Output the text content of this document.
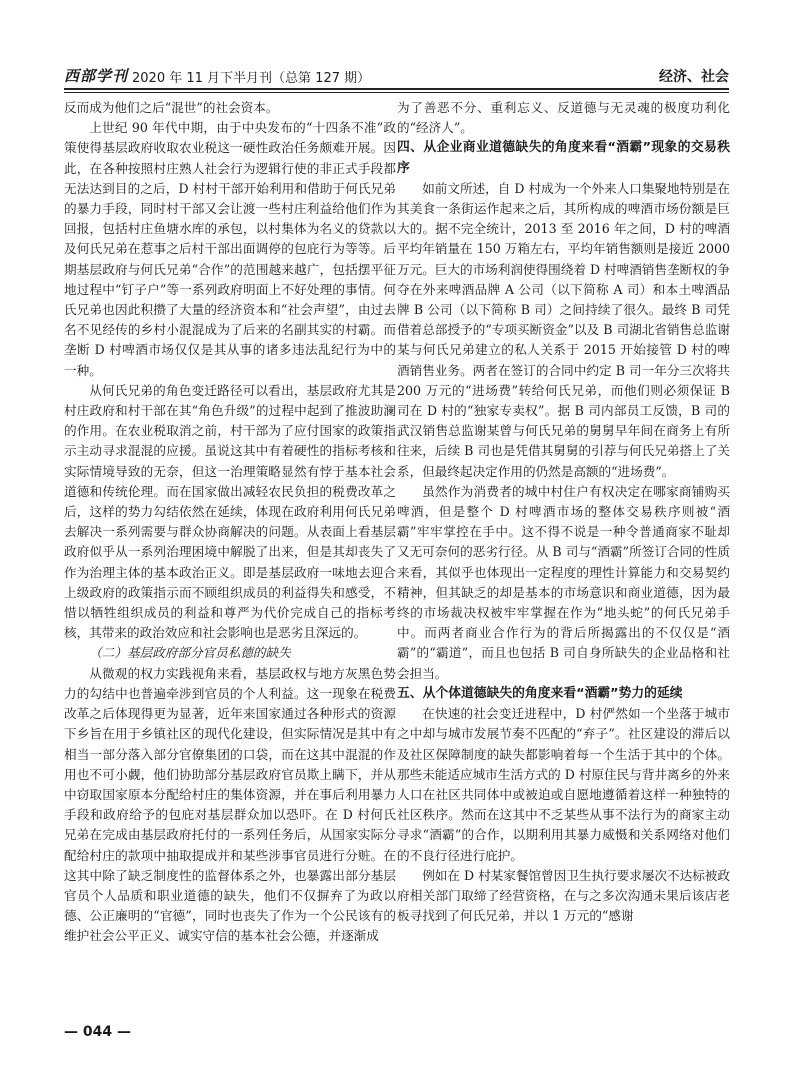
西部学刊 2020 年 11 月下半月刊（总第 127 期）	经济、社会

反而成为他们之后“混世”的社会资本。

上世纪 90 年代中期，由于中央发布的“十四条不准”政策使得基层政府收取农业税这一硬性政治任务颇难开展。因此，在各种按照村庄熟人社会行为逻辑行使的非正式手段都无法达到目的之后，D 村村干部开始利用和借助于何氏兄弟的暴力手段，同时村干部又会让渡一些村庄利益给他们作为回报，包括村庄鱼塘水库的承包，以村集体为名义的贷款以及何氏兄弟在惹事之后村干部出面调停的包庇行为等等。后期基层政府与何氏兄弟“合作”的范围越来越广，包括摆平征地过程中“钉子户”等一系列政府明面上不好处理的事情。何氏兄弟也因此积攒了大量的经济资本和“社会声望”，由过去名不见经传的乡村小混混成为了后来的名副其实的村霸。而垄断 D 村啤酒市场仅仅是其从事的诸多违法乱纪行为中的一种。

从何氏兄弟的角色变迁路径可以看出，基层政府尤其是村庄政府和村干部在其“角色升级”的过程中起到了推波助澜的作用。在农业税取消之前，村干部为了应付国家的政策指示主动寻求混混的应援。虽说这其中有着硬性的指标考核和实际情境导致的无奈，但这一治理策略显然有悖于基本社会道德和传统伦理。而在国家做出减轻农民负担的税费改革之后，这样的势力勾结依然在延续，体现在政府利用何氏兄弟去解决一系列需要与群众协商解决的问题。从表面上看基层政府似乎从一系列治理困境中解脱了出来，但是其却丧失了作为治理主体的基本政治正义。即是基层政府一味地去迎合上级政府的政策指示而不顾组织成员的利益得失和感受，不惜以牺牲组织成员的利益和尊严为代价完成自己的指标考核，其带来的政治效应和社会影响也是恶劣且深远的。

（二）基层政府部分官员私德的缺失

从微观的权力实践视角来看，基层政权与地方灰黑色势力的勾结中也普遍牵涉到官员的个人利益。这一现象在税费改革之后体现得更为显著，近年来国家通过各种形式的资源下乡旨在用于乡镇社区的现代化建设，但实际情况是其中有相当一部分落入部分官僚集团的口袋，而在这其中混混的作用也不可小觑，他们协助部分基层政府官员欺上瞒下，并从中窃取国家原本分配给村庄的集体资源，并在事后利用暴力手段和政府给予的包庇对基层群众加以恐吓。在 D 村何氏兄弟在完成由基层政府托付的一系列任务后，从国家实际分配给村庄的款项中抽取提成并和某些涉事官员进行分赃。在这其中除了缺乏制度性的监督体系之外，也暴露出部分基层官员个人品质和职业道德的缺失，他们不仅摒弃了为政以德、公正廉明的“官德”，同时也丧失了作为一个公民该有的维护社会公平正义、诚实守信的基本社会公德，并逐渐成

为了善恶不分、重利忘义、反道德与无灵魂的极度功利化的“经济人”。

四、从企业商业道德缺失的角度来看“酒霸”现象的交易秩序

如前文所述，自 D 村成为一个外来人口集聚地特别是在其美食一条街运作起来之后，其所构成的啤酒市场份额是巨大的。据不完全统计，2013 至 2016 年之间，D 村的啤酒平均年销量在 150 万箱左右，平均年销售额则是接近 2000 万元。巨大的市场利润使得围绕着 D 村啤酒销售垄断权的争夺在外来啤酒品牌 A 公司（以下简称 A 司）和本土啤酒品牌 B 公司（以下简称 B 司）之间持续了很久。最终 B 司凭借着总部授予的“专项买断资金”以及 B 司湖北省销售总监谢某与何氏兄弟建立的私人关系于 2015 开始接管 D 村的啤酒销售业务。两者在签订的合同中约定 B 司一年分三次将共 200 万元的“进场费”转给何氏兄弟，而他们则必须保证 B 司在 D 村的“独家专卖权”。据 B 司内部员工反馈，B 司的武汉销售总监谢某曾与何氏兄弟的舅舅早年间在商务上有所往来，后续 B 司也是凭借其舅舅的引荐与何氏兄弟搭上了关系，但最终起决定作用的仍然是高额的“进场费”。

虽然作为消费者的城中村住户有权决定在哪家商铺购买啤酒，但是整个 D 村啤酒市场的整体交易秩序则被“酒霸”牢牢掌控在手中。这不得不说是一种令普通商家不耻却又无可奈何的恶劣行径。从 B 司与“酒霸”所签订合同的性质来看，其似乎也体现出一定程度的理性计算能力和交易契约精神，但其缺乏的却是基本的市场意识和商业道德，因为最终的市场裁决权被牢牢掌握在作为“地头蛇”的何氏兄弟手中。而两者商业合作行为的背后所揭露出的不仅仅是“酒霸”的“霸道”，而且也包括 B 司自身所缺失的企业品格和社会担当。

五、从个体道德缺失的角度来看“酒霸”势力的延续

在快速的社会变迁进程中，D 村俨然如一个坐落于城市之中却与城市发展节奏不匹配的“弃子”。社区建设的滞后以及社区保障制度的缺失都影响着每一个生活于其中的个体。那些未能适应城市生活方式的 D 村原住民与背井离乡的外来人口在社区共同体中或被迫或自愿地遵循着这样一种独特的社区秩序。然而在这其中不乏某些从事不法行为的商家主动寻求“酒霸”的合作，以期利用其暴力威慑和关系网络对他们的不良行径进行庇护。

例如在 D 村某家餐馆曾因卫生执行要求屡次不达标被政府相关部门取缔了经营资格，在与之多次沟通未果后该店老板寻找到了何氏兄弟，并以 1 万元的“感谢

— 044 —
